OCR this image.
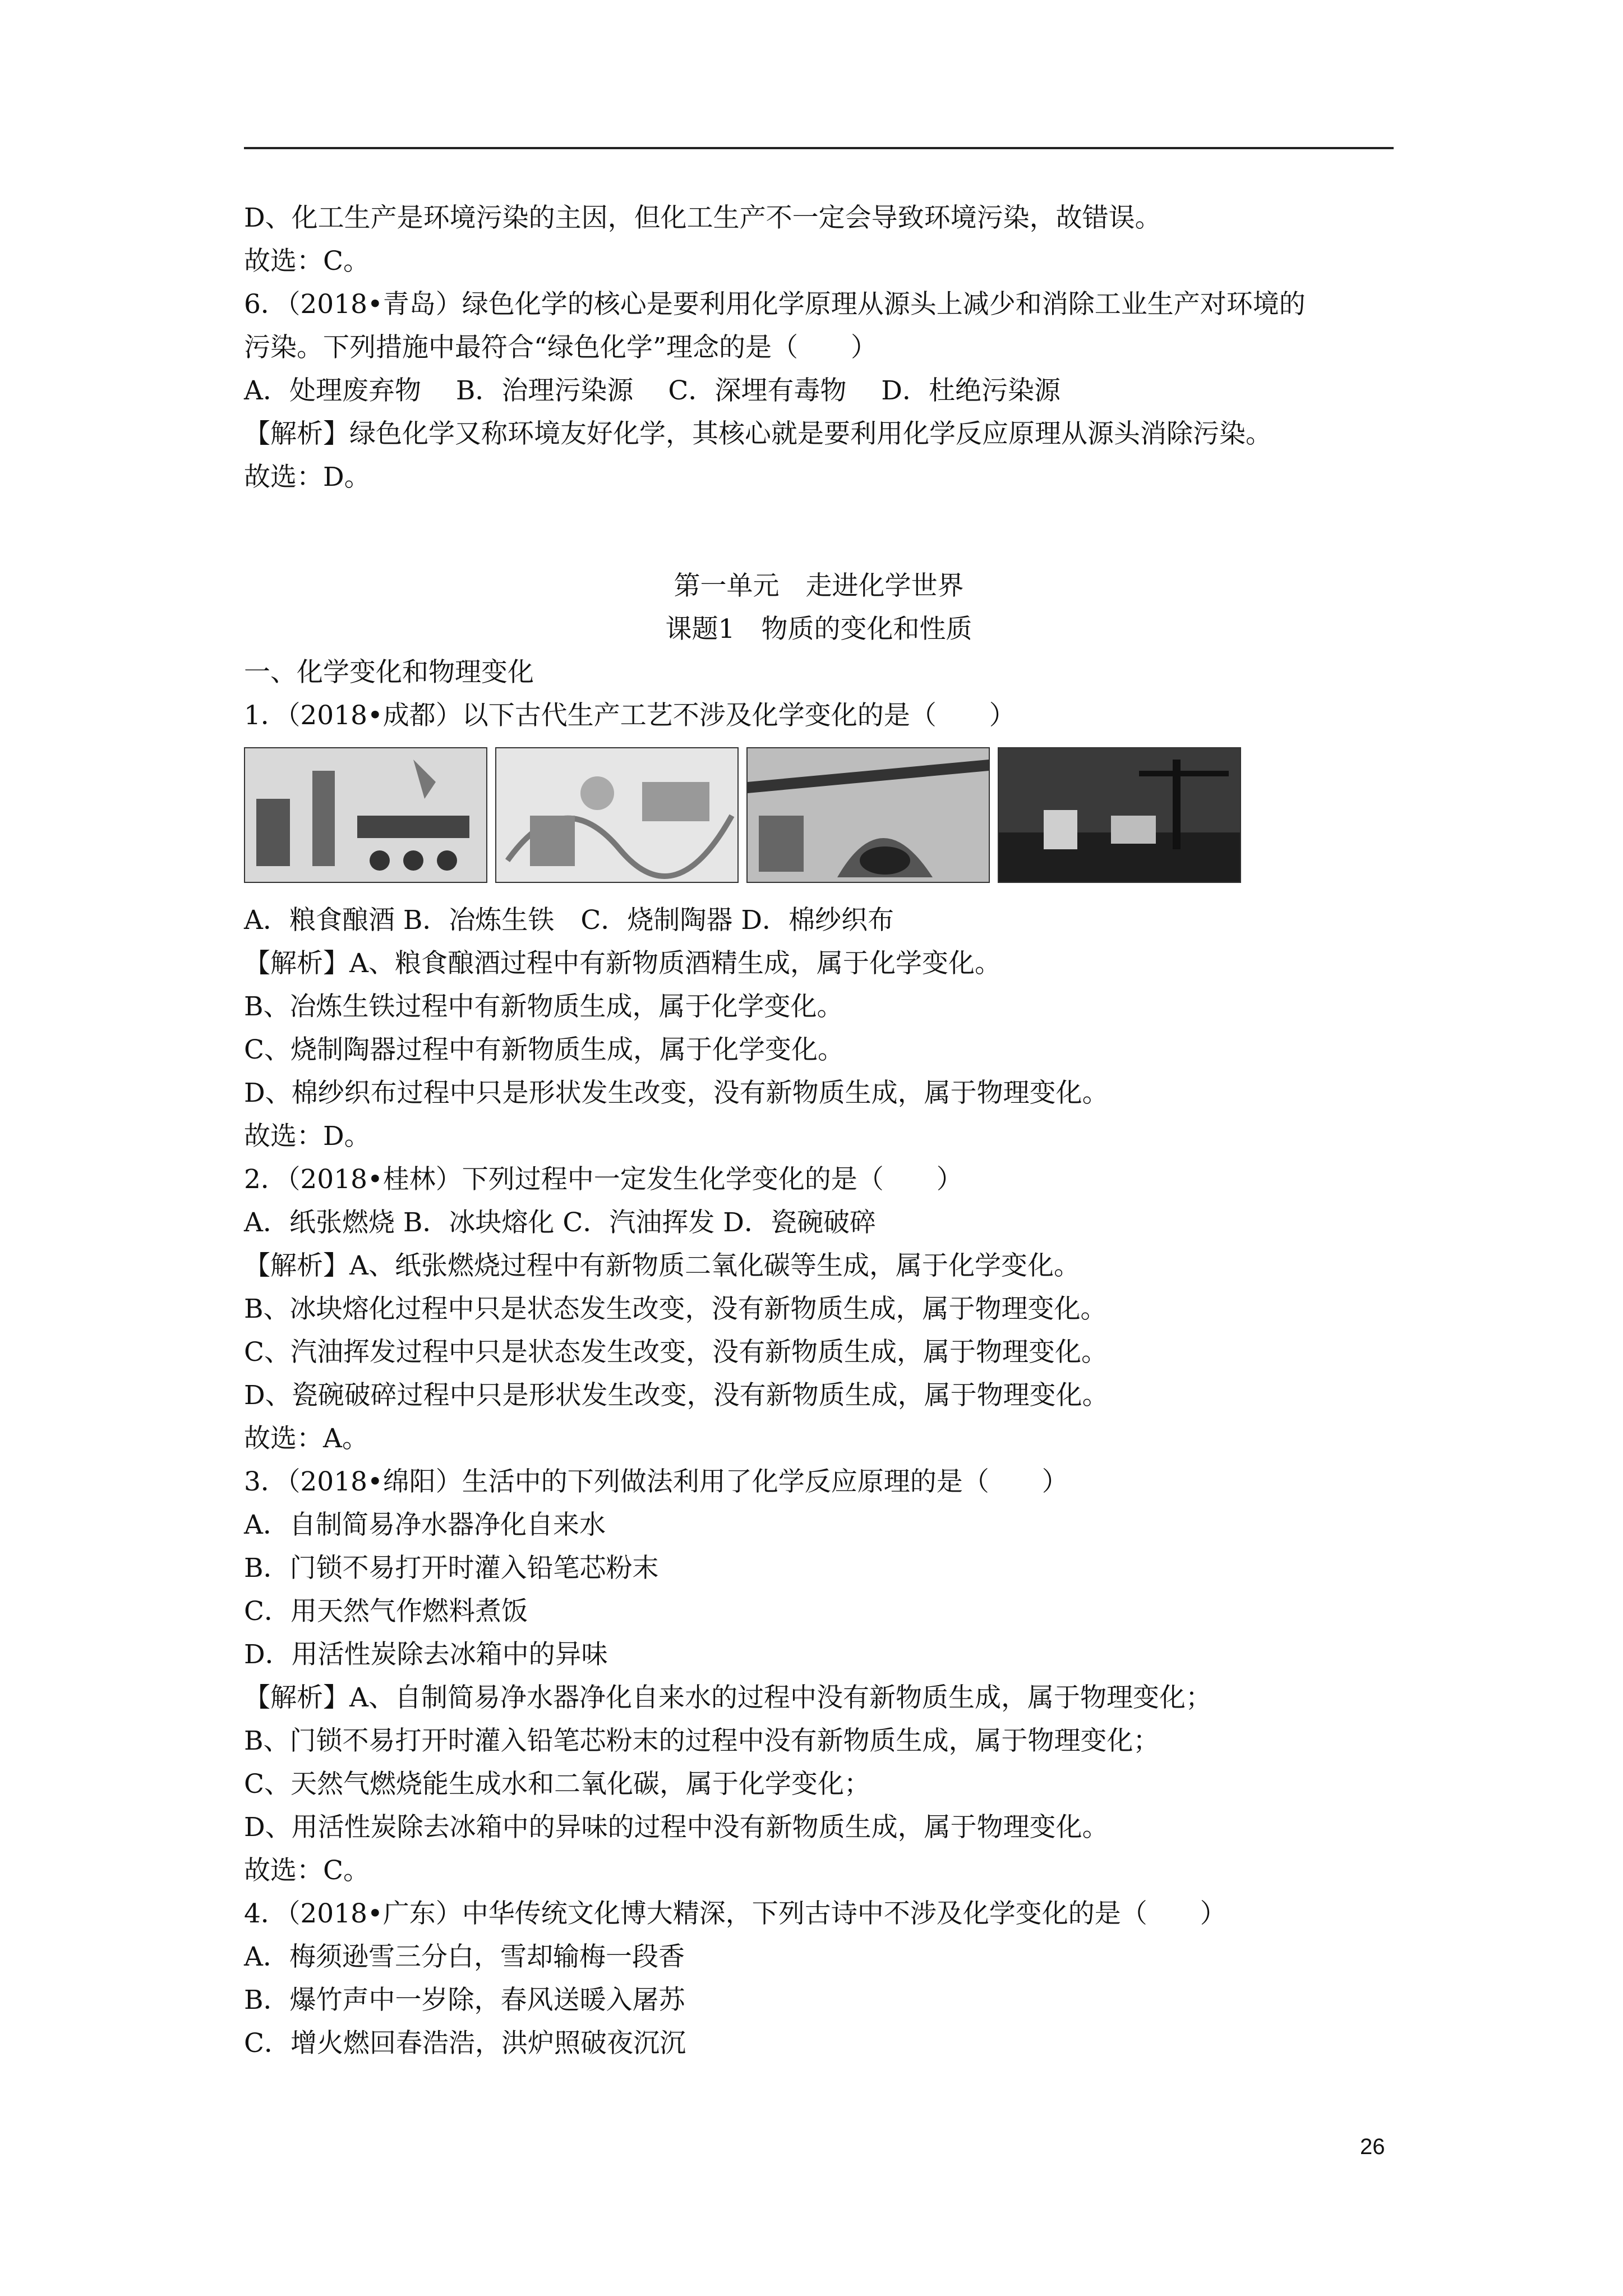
D、化工生产是环境污染的主因，但化工生产不一定会导致环境污染，故错误。
故选：C。
6．（2018•青岛）绿色化学的核心是要利用化学原理从源头上减少和消除工业生产对环境的
污染。下列措施中最符合“绿色化学”理念的是（　　）
A．处理废弃物　 B．治理污染源　 C．深埋有毒物　 D．杜绝污染源
【解析】绿色化学又称环境友好化学，其核心就是要利用化学反应原理从源头消除污染。
故选：D。
第一单元　走进化学世界
课题1　物质的变化和性质
一、化学变化和物理变化
1．（2018•成都）以下古代生产工艺不涉及化学变化的是（　　）
A．粮食酿酒 B．冶炼生铁　C．烧制陶器 D．棉纱织布
【解析】A、粮食酿酒过程中有新物质酒精生成，属于化学变化。
B、冶炼生铁过程中有新物质生成，属于化学变化。
C、烧制陶器过程中有新物质生成，属于化学变化。
D、棉纱织布过程中只是形状发生改变，没有新物质生成，属于物理变化。
故选：D。
2．（2018•桂林）下列过程中一定发生化学变化的是（　　）
A．纸张燃烧 B．冰块熔化 C．汽油挥发 D．瓷碗破碎
【解析】A、纸张燃烧过程中有新物质二氧化碳等生成，属于化学变化。
B、冰块熔化过程中只是状态发生改变，没有新物质生成，属于物理变化。
C、汽油挥发过程中只是状态发生改变，没有新物质生成，属于物理变化。
D、瓷碗破碎过程中只是形状发生改变，没有新物质生成，属于物理变化。
故选：A。
3．（2018•绵阳）生活中的下列做法利用了化学反应原理的是（　　）
A．自制简易净水器净化自来水
B．门锁不易打开时灌入铅笔芯粉末
C．用天然气作燃料煮饭
D．用活性炭除去冰箱中的异味
【解析】A、自制简易净水器净化自来水的过程中没有新物质生成，属于物理变化；
B、门锁不易打开时灌入铅笔芯粉末的过程中没有新物质生成，属于物理变化；
C、天然气燃烧能生成水和二氧化碳，属于化学变化；
D、用活性炭除去冰箱中的异味的过程中没有新物质生成，属于物理变化。
故选：C。
4．（2018•广东）中华传统文化博大精深，下列古诗中不涉及化学变化的是（　　）
A．梅须逊雪三分白，雪却输梅一段香
B．爆竹声中一岁除，春风送暖入屠苏
C．增火燃回春浩浩，洪炉照破夜沉沉
26
